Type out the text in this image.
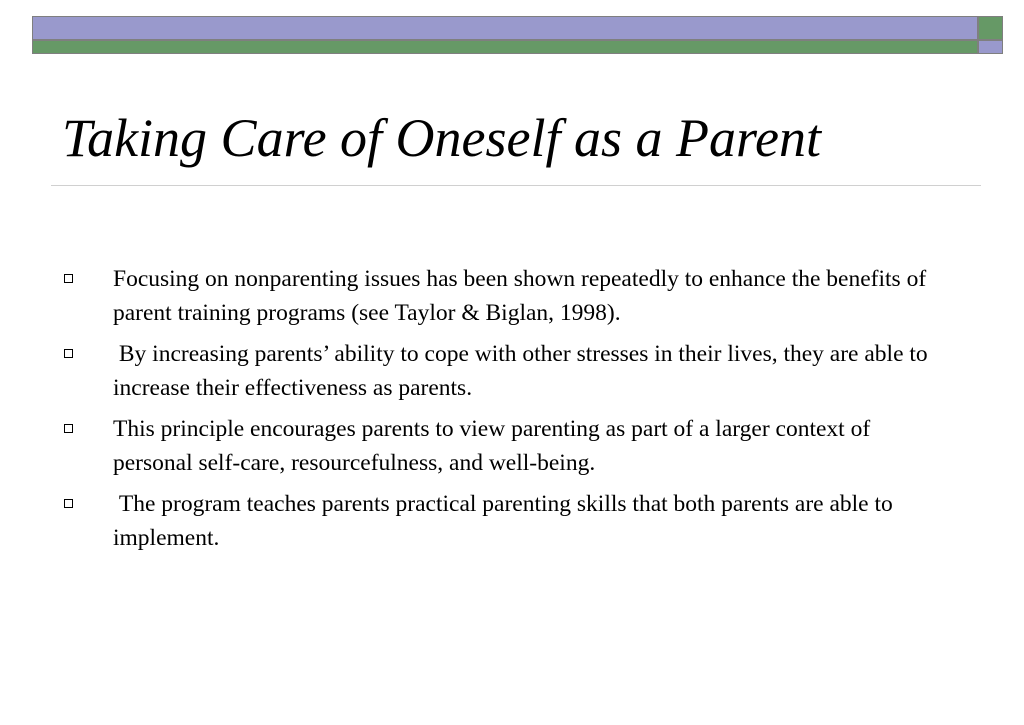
Taking Care of Oneself as a Parent
Focusing on nonparenting issues has been shown repeatedly to enhance the benefits of parent training programs (see Taylor & Biglan, 1998).
By increasing parents’ ability to cope with other stresses in their lives, they are able to increase their effectiveness as parents.
This principle encourages parents to view parenting as part of a larger context of personal self-care, resourcefulness, and well-being.
The program teaches parents practical parenting skills that both parents are able to implement.
